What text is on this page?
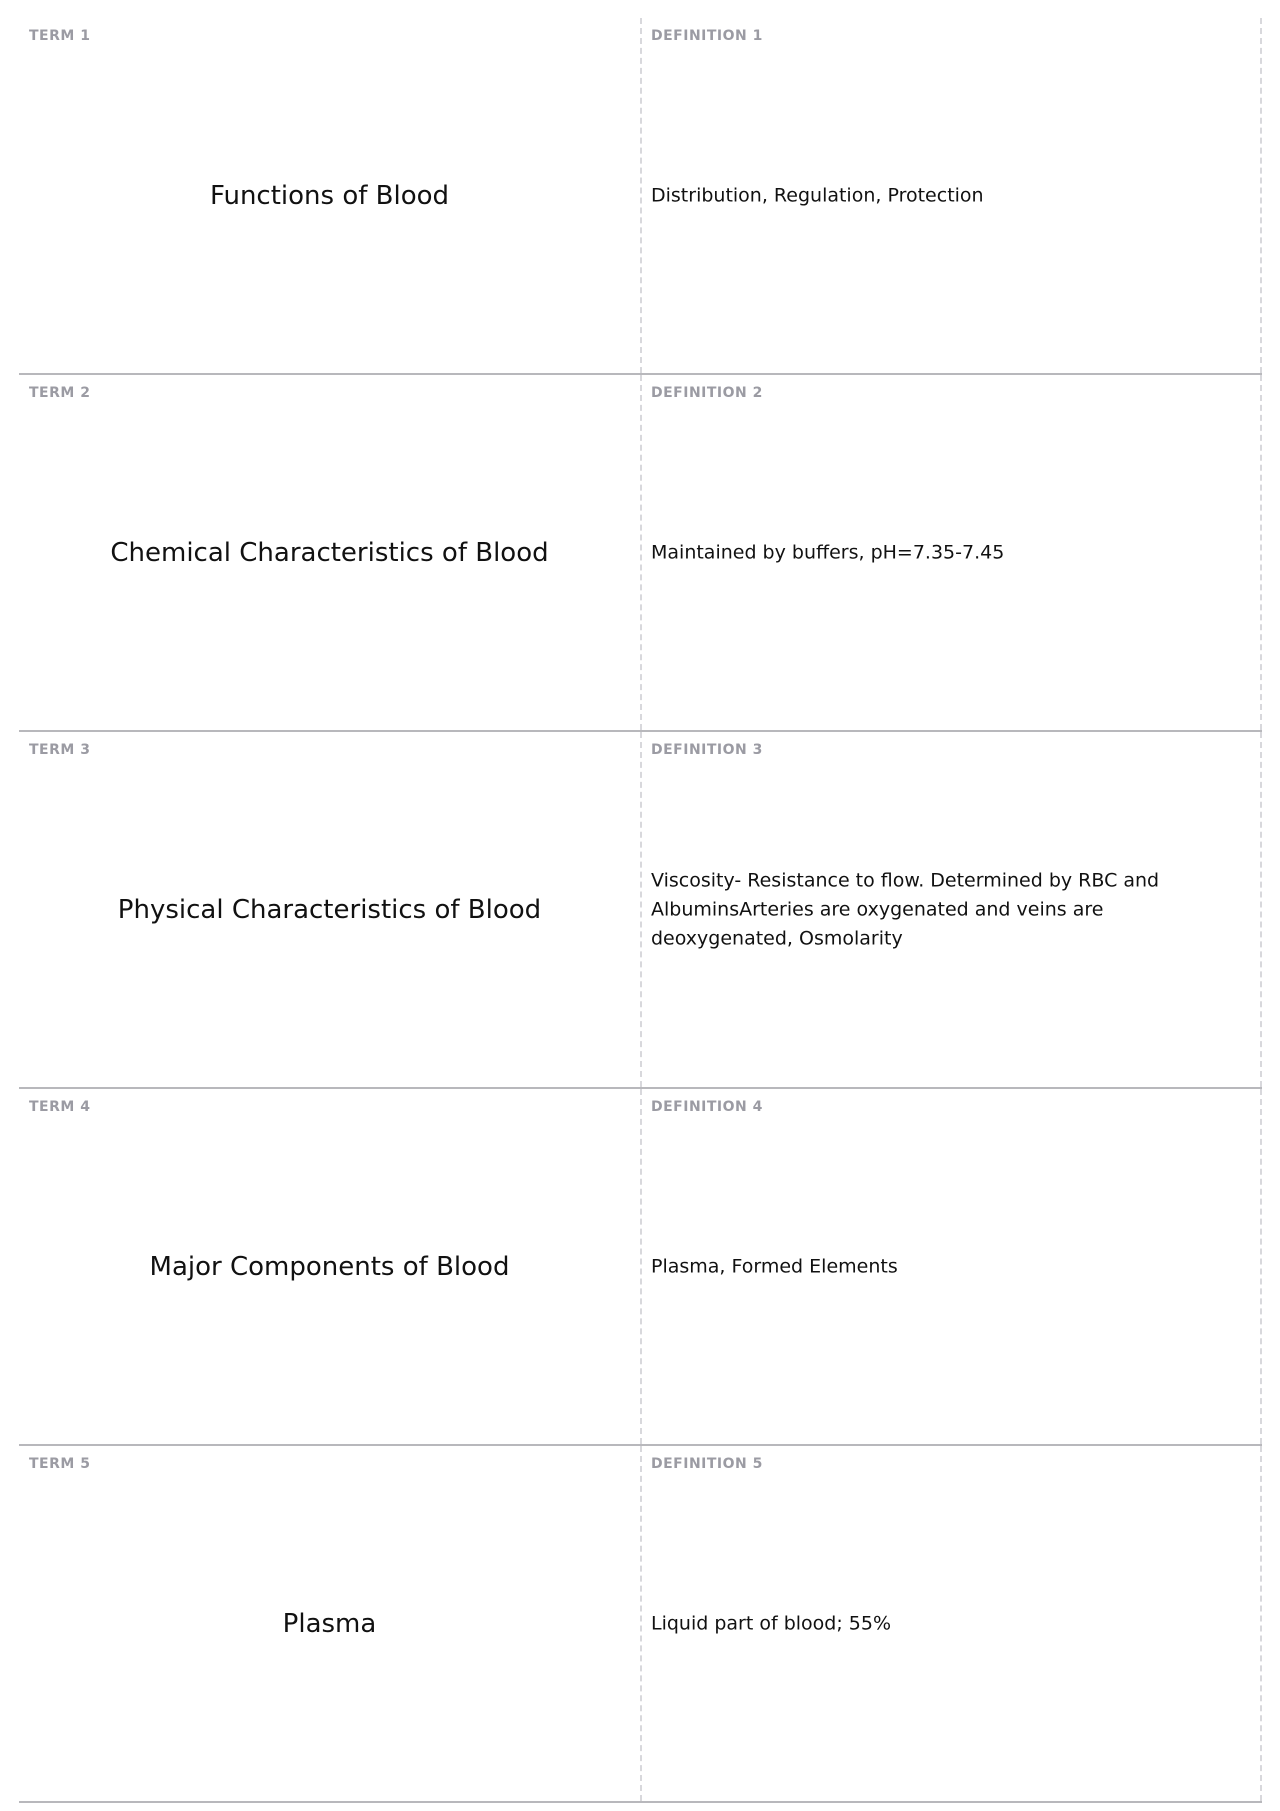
TERM 1
Functions of Blood
DEFINITION 1
Distribution, Regulation, Protection
TERM 2
Chemical Characteristics of Blood
DEFINITION 2
Maintained by buffers, pH=7.35-7.45
TERM 3
Physical Characteristics of Blood
DEFINITION 3
Viscosity- Resistance to flow. Determined by RBC and AlbuminsArteries are oxygenated and veins are deoxygenated, Osmolarity
TERM 4
Major Components of Blood
DEFINITION 4
Plasma, Formed Elements
TERM 5
Plasma
DEFINITION 5
Liquid part of blood; 55%
